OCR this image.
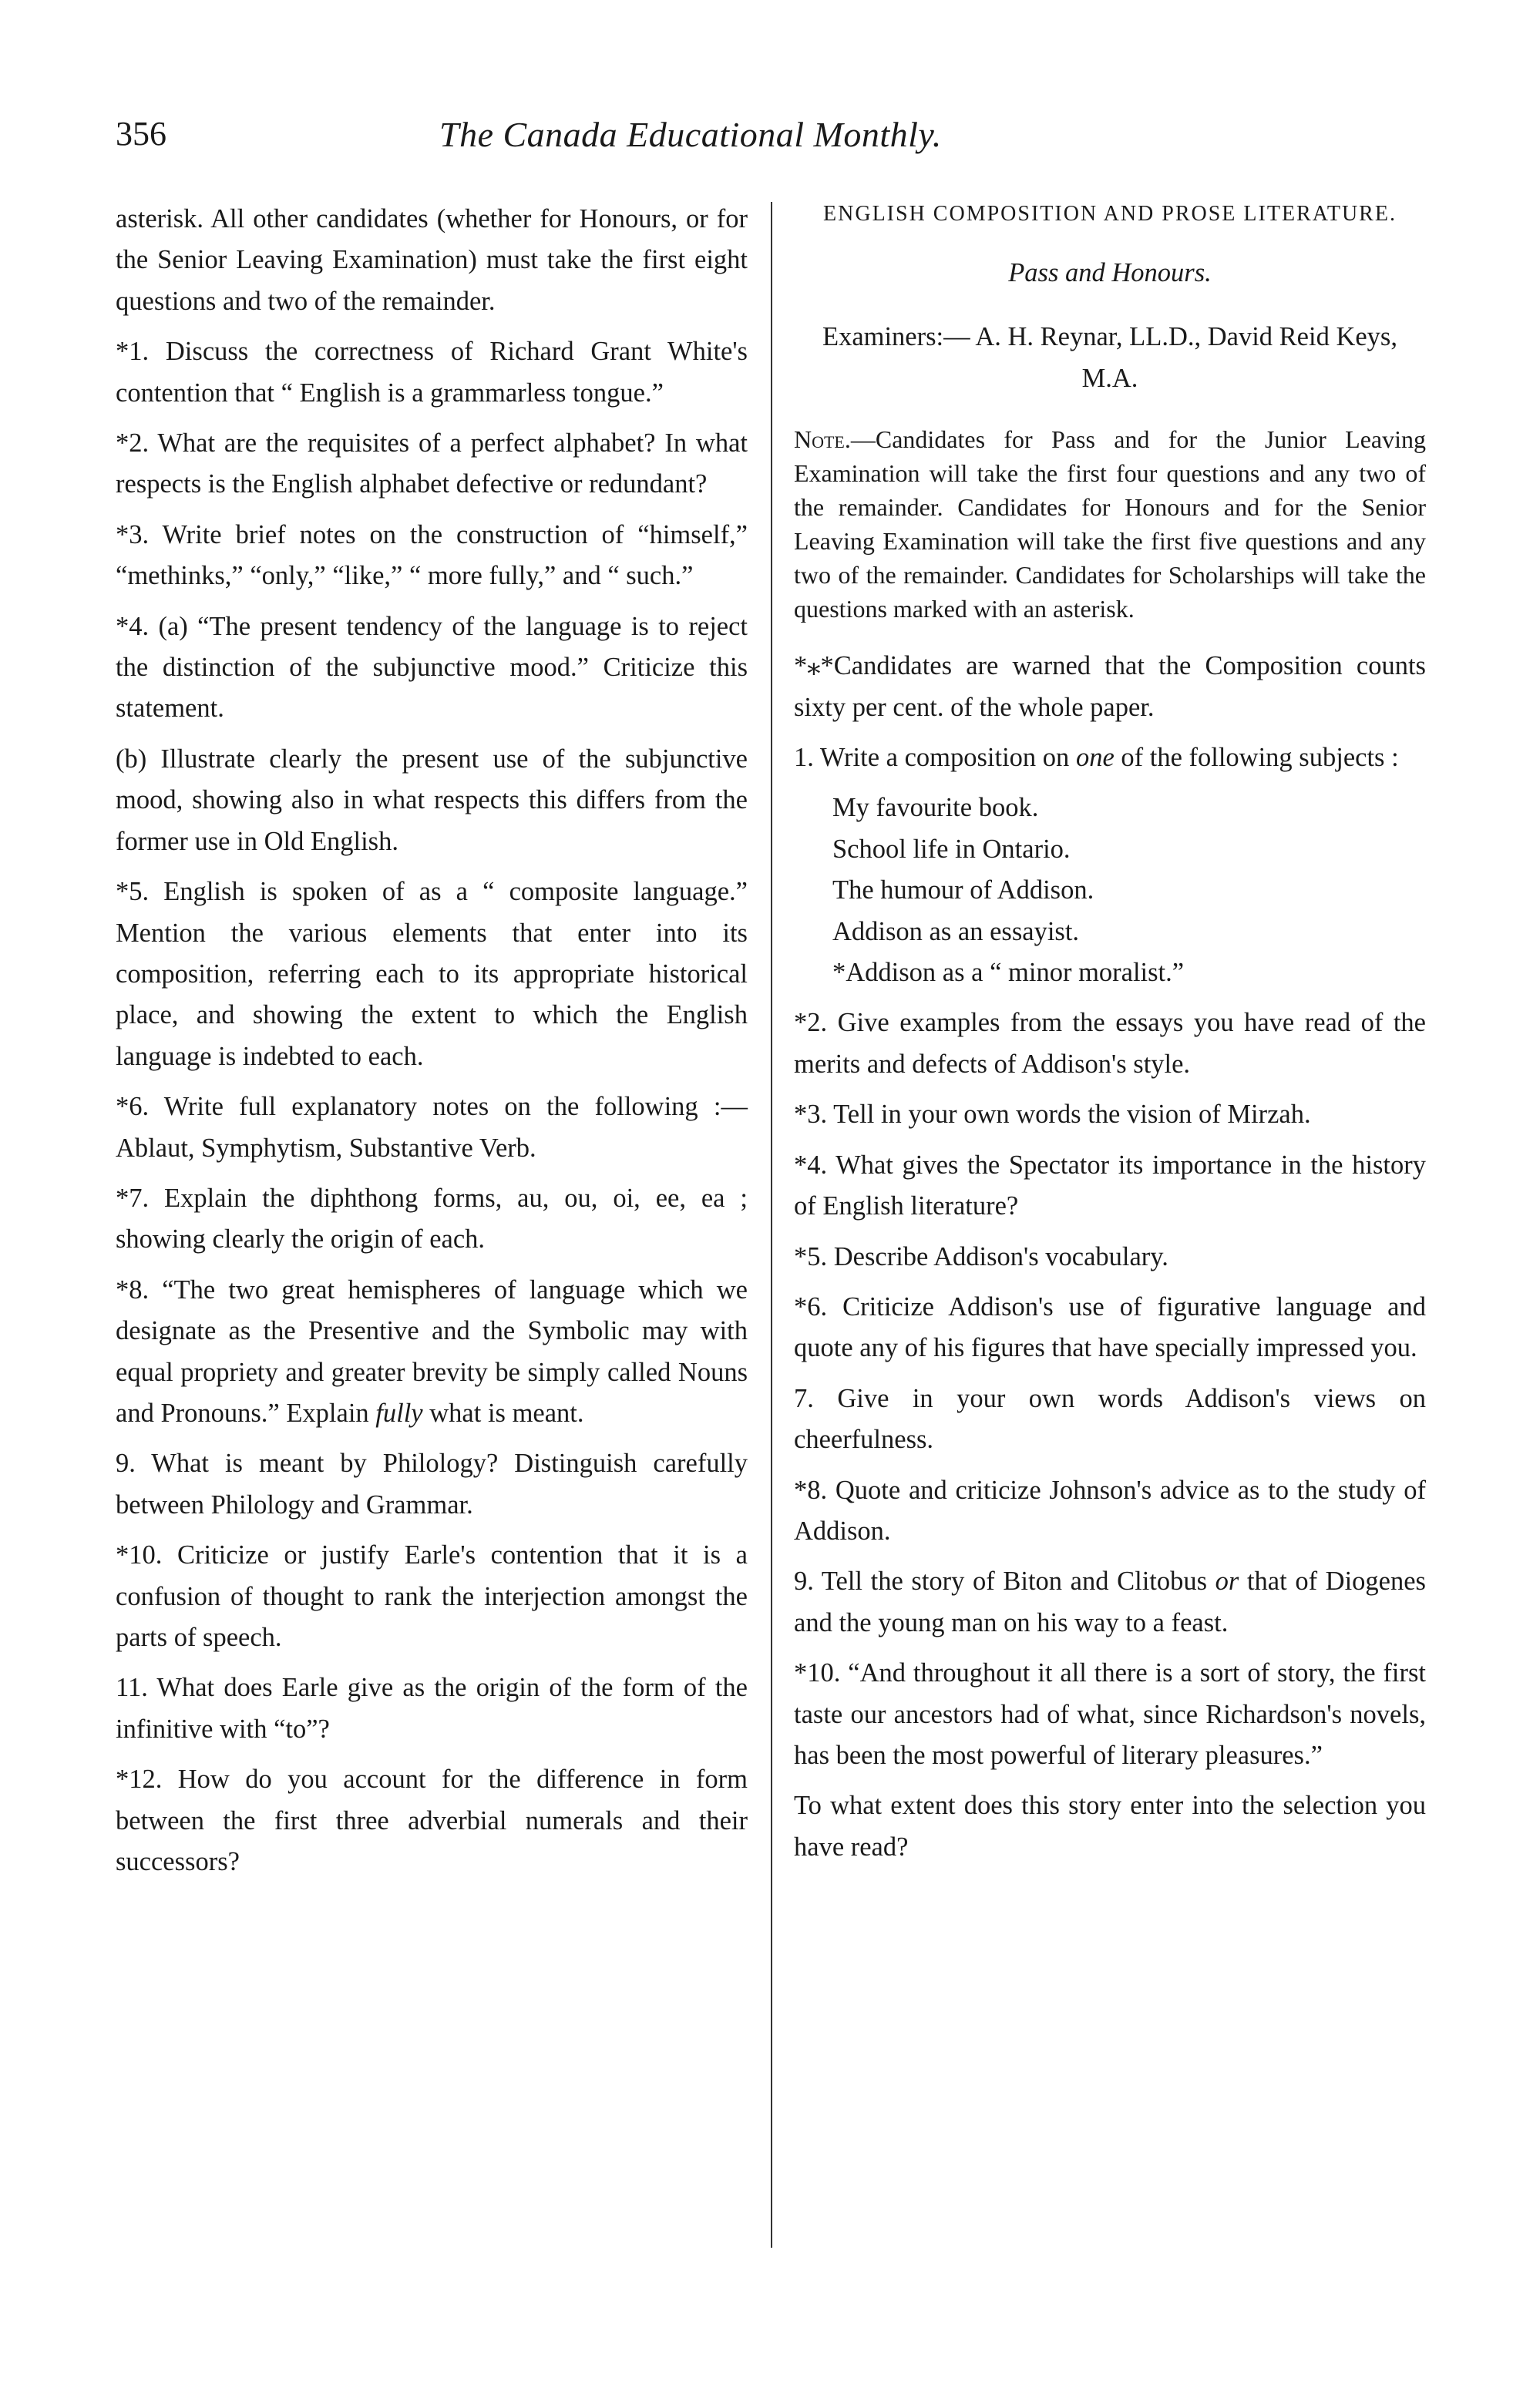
356	The Canada Educational Monthly.

asterisk. All other candidates (whether for Honours, or for the Senior Leaving Examination) must take the first eight questions and two of the remainder.

*1. Discuss the correctness of Richard Grant White's contention that “ English is a grammarless tongue.”

*2. What are the requisites of a perfect alphabet? In what respects is the English alphabet defective or redundant?

*3. Write brief notes on the construction of “himself,” “methinks,” “only,” “like,” “ more fully,” and “ such.”

*4. (a) “The present tendency of the language is to reject the distinction of the subjunctive mood.” Criticize this statement.

(b) Illustrate clearly the present use of the subjunctive mood, showing also in what respects this differs from the former use in Old English.

*5. English is spoken of as a “ composite language.” Mention the various elements that enter into its composition, referring each to its appropriate historical place, and showing the extent to which the English language is indebted to each.

*6. Write full explanatory notes on the following :—Ablaut, Symphytism, Substantive Verb.

*7. Explain the diphthong forms, au, ou, oi, ee, ea ; showing clearly the origin of each.

*8. “The two great hemispheres of language which we designate as the Presentive and the Symbolic may with equal propriety and greater brevity be simply called Nouns and Pronouns.” Explain fully what is meant.

9. What is meant by Philology? Distinguish carefully between Philology and Grammar.

*10. Criticize or justify Earle's contention that it is a confusion of thought to rank the interjection amongst the parts of speech.

11. What does Earle give as the origin of the form of the infinitive with “to”?

*12. How do you account for the difference in form between the first three adverbial numerals and their successors?

ENGLISH COMPOSITION AND PROSE LITERATURE.

Pass and Honours.

Examiners:— A. H. Reynar, LL.D., David Reid Keys, M.A.

Note.—Candidates for Pass and for the Junior Leaving Examination will take the first four questions and any two of the remainder. Candidates for Honours and for the Senior Leaving Examination will take the first five questions and any two of the remainder. Candidates for Scholarships will take the questions marked with an asterisk.

*⁎*Candidates are warned that the Composition counts sixty per cent. of the whole paper.

1. Write a composition on one of the following subjects :

My favourite book.

School life in Ontario.

The humour of Addison.

Addison as an essayist.

*Addison as a “ minor moralist.”

*2. Give examples from the essays you have read of the merits and defects of Addison's style.

*3. Tell in your own words the vision of Mirzah.

*4. What gives the Spectator its importance in the history of English literature?

*5. Describe Addison's vocabulary.

*6. Criticize Addison's use of figurative language and quote any of his figures that have specially impressed you.

7. Give in your own words Addison's views on cheerfulness.

*8. Quote and criticize Johnson's advice as to the study of Addison.

9. Tell the story of Biton and Clitobus or that of Diogenes and the young man on his way to a feast.

*10. “And throughout it all there is a sort of story, the first taste our ancestors had of what, since Richardson's novels, has been the most powerful of literary pleasures.”

To what extent does this story enter into the selection you have read?
